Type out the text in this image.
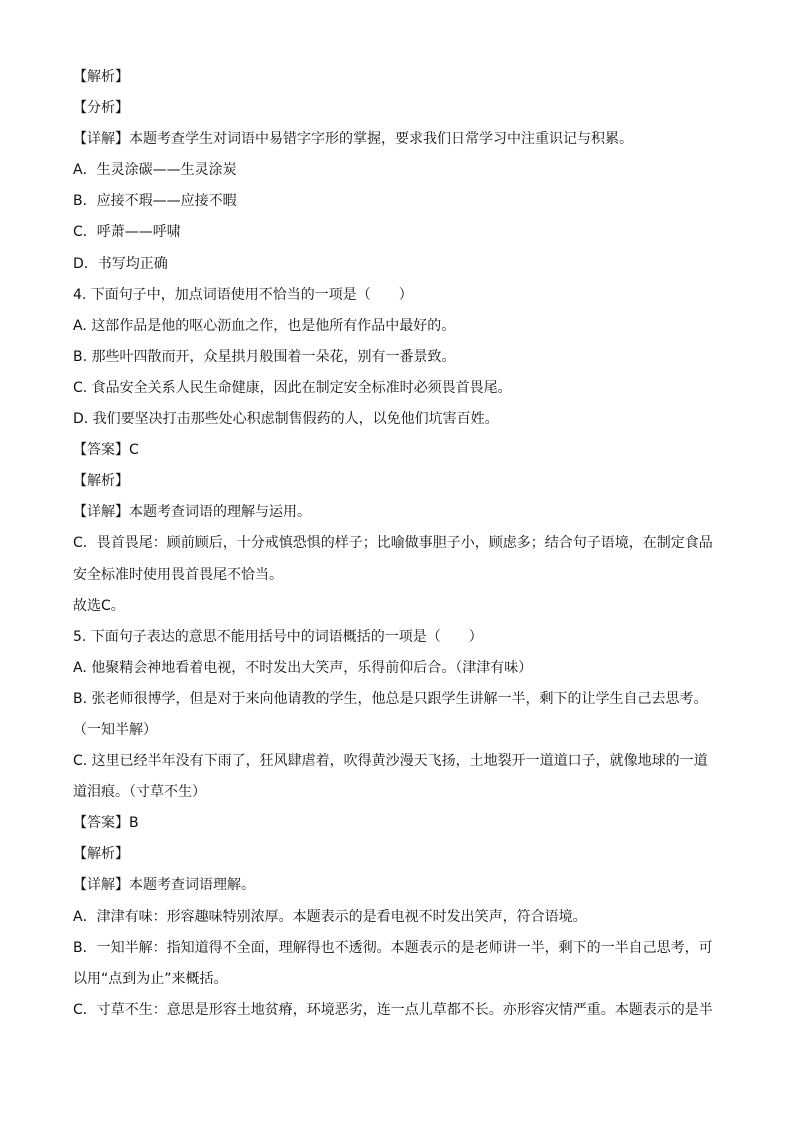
【解析】
【分析】
【详解】本题考查学生对词语中易错字字形的掌握，要求我们日常学习中注重识记与积累。
A．生灵涂碳——生灵涂炭
B．应接不瑕——应接不暇
C．呼萧——呼啸
D．书写均正确
4. 下面句子中，加点词语使用不恰当的一项是（　　）
A. 这部作品是他的呕心沥血之作，也是他所有作品中最好的。
B. 那些叶四散而开，众星拱月般围着一朵花，别有一番景致。
C. 食品安全关系人民生命健康，因此在制定安全标准时必须畏首畏尾。
D. 我们要坚决打击那些处心积虑制售假药的人，以免他们坑害百姓。
【答案】C
【解析】
【详解】本题考查词语的理解与运用。
C．畏首畏尾：顾前顾后，十分戒慎恐惧的样子；比喻做事胆子小，顾虑多；结合句子语境，在制定食品
安全标准时使用畏首畏尾不恰当。
故选C。
5. 下面句子表达的意思不能用括号中的词语概括的一项是（　　）
A. 他聚精会神地看着电视，不时发出大笑声，乐得前仰后合。（津津有味）
B. 张老师很博学，但是对于来向他请教的学生，他总是只跟学生讲解一半，剩下的让学生自己去思考。
（一知半解）
C. 这里已经半年没有下雨了，狂风肆虐着，吹得黄沙漫天飞扬，土地裂开一道道口子，就像地球的一道
道泪痕。（寸草不生）
【答案】B
【解析】
【详解】本题考查词语理解。
A．津津有味：形容趣味特别浓厚。本题表示的是看电视不时发出笑声，符合语境。
B．一知半解：指知道得不全面，理解得也不透彻。本题表示的是老师讲一半，剩下的一半自己思考，可
以用“点到为止”来概括。
C．寸草不生：意思是形容土地贫瘠，环境恶劣，连一点儿草都不长。亦形容灾情严重。本题表示的是半
